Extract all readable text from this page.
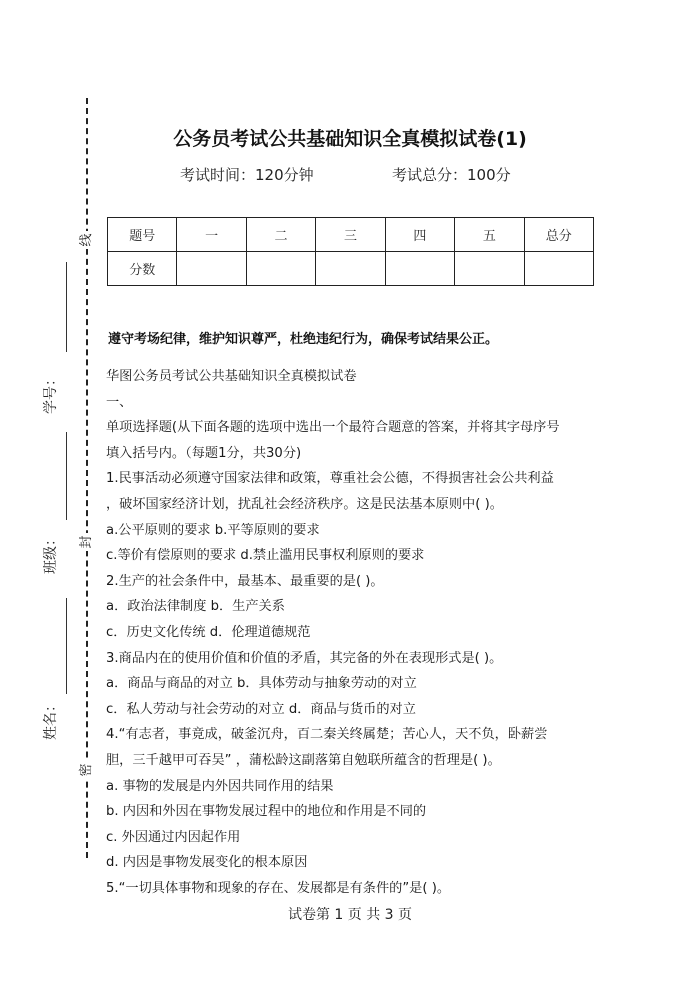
线
封
密
学号：
班级：
姓名：
公务员考试公共基础知识全真模拟试卷(1)
考试时间：120分钟	考试总分：100分
题号	一	二	三	四	五	总分
分数						
遵守考场纪律，维护知识尊严，杜绝违纪行为，确保考试结果公正。

华图公务员考试公共基础知识全真模拟试卷

一、

单项选择题(从下面各题的选项中选出一个最符合题意的答案，并将其字母序号

填入括号内。（每题1分，共30分)

1.民事活动必须遵守国家法律和政策，尊重社会公德，不得损害社会公共利益

，破坏国家经济计划，扰乱社会经济秩序。这是民法基本原则中( )。

a.公平原则的要求 b.平等原则的要求

c.等价有偿原则的要求 d.禁止滥用民事权利原则的要求

2.生产的社会条件中，最基本、最重要的是( )。

a．政治法律制度 b．生产关系

c．历史文化传统 d．伦理道德规范

3.商品内在的使用价值和价值的矛盾，其完备的外在表现形式是( )。

a．商品与商品的对立 b．具体劳动与抽象劳动的对立

c．私人劳动与社会劳动的对立 d．商品与货币的对立

4.“有志者，事竟成，破釜沉舟，百二秦关终属楚；苦心人，天不负，卧薪尝

胆，三千越甲可吞吴” ，蒲松龄这副落第自勉联所蕴含的哲理是( )。

a. 事物的发展是内外因共同作用的结果

b. 内因和外因在事物发展过程中的地位和作用是不同的

c. 外因通过内因起作用

d. 内因是事物发展变化的根本原因

5.“一切具体事物和现象的存在、发展都是有条件的”是( )。

试卷第 1 页 共 3 页
